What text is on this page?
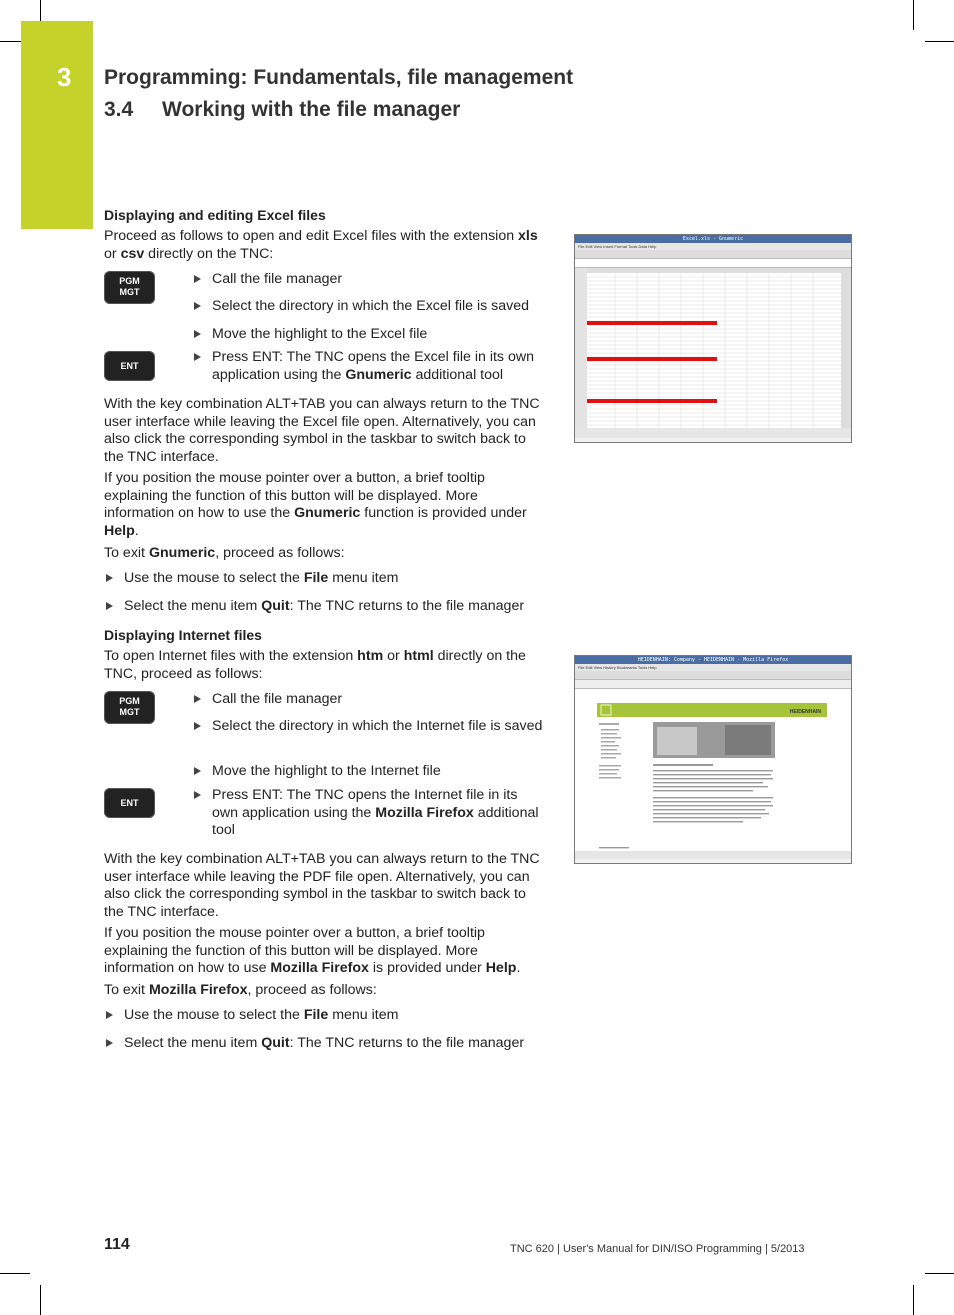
3 Programming: Fundamentals, file management
3.4 Working with the file manager
Displaying and editing Excel files
Proceed as follows to open and edit Excel files with the extension xls or csv directly on the TNC:
PGM
MGT
Call the file manager
Select the directory in which the Excel file is saved
Move the highlight to the Excel file
ENT
Press ENT: The TNC opens the Excel file in its own application using the Gnumeric additional tool
With the key combination ALT+TAB you can always return to the TNC user interface while leaving the Excel file open. Alternatively, you can also click the corresponding symbol in the taskbar to switch back to the TNC interface.
If you position the mouse pointer over a button, a brief tooltip explaining the function of this button will be displayed. More information on how to use the Gnumeric function is provided under Help.
To exit Gnumeric, proceed as follows:
Use the mouse to select the File menu item
Select the menu item Quit: The TNC returns to the file manager
Excel.xls - Gnumeric
File Edit View Insert Format Tools Data Help
Displaying Internet files
To open Internet files with the extension htm or html directly on the TNC, proceed as follows:
PGM
MGT
Call the file manager
Select the directory in which the Internet file is saved
Move the highlight to the Internet file
ENT	Press ENT: The TNC opens the Internet file in its own application using the Mozilla Firefox additional tool
With the key combination ALT+TAB you can always return to the TNC user interface while leaving the PDF file open. Alternatively, you can also click the corresponding symbol in the taskbar to switch back to the TNC interface.
If you position the mouse pointer over a button, a brief tooltip explaining the function of this button will be displayed. More information on how to use Mozilla Firefox is provided under Help.
To exit Mozilla Firefox, proceed as follows:
Use the mouse to select the File menu item
Select the menu item Quit: The TNC returns to the file manager
HEIDENHAIN: Company - HEIDENHAIN - Mozilla Firefox
File Edit View History Bookmarks Tools Help
HEIDENHAIN
114	TNC 620 | User's Manual for DIN/ISO Programming | 5/2013
